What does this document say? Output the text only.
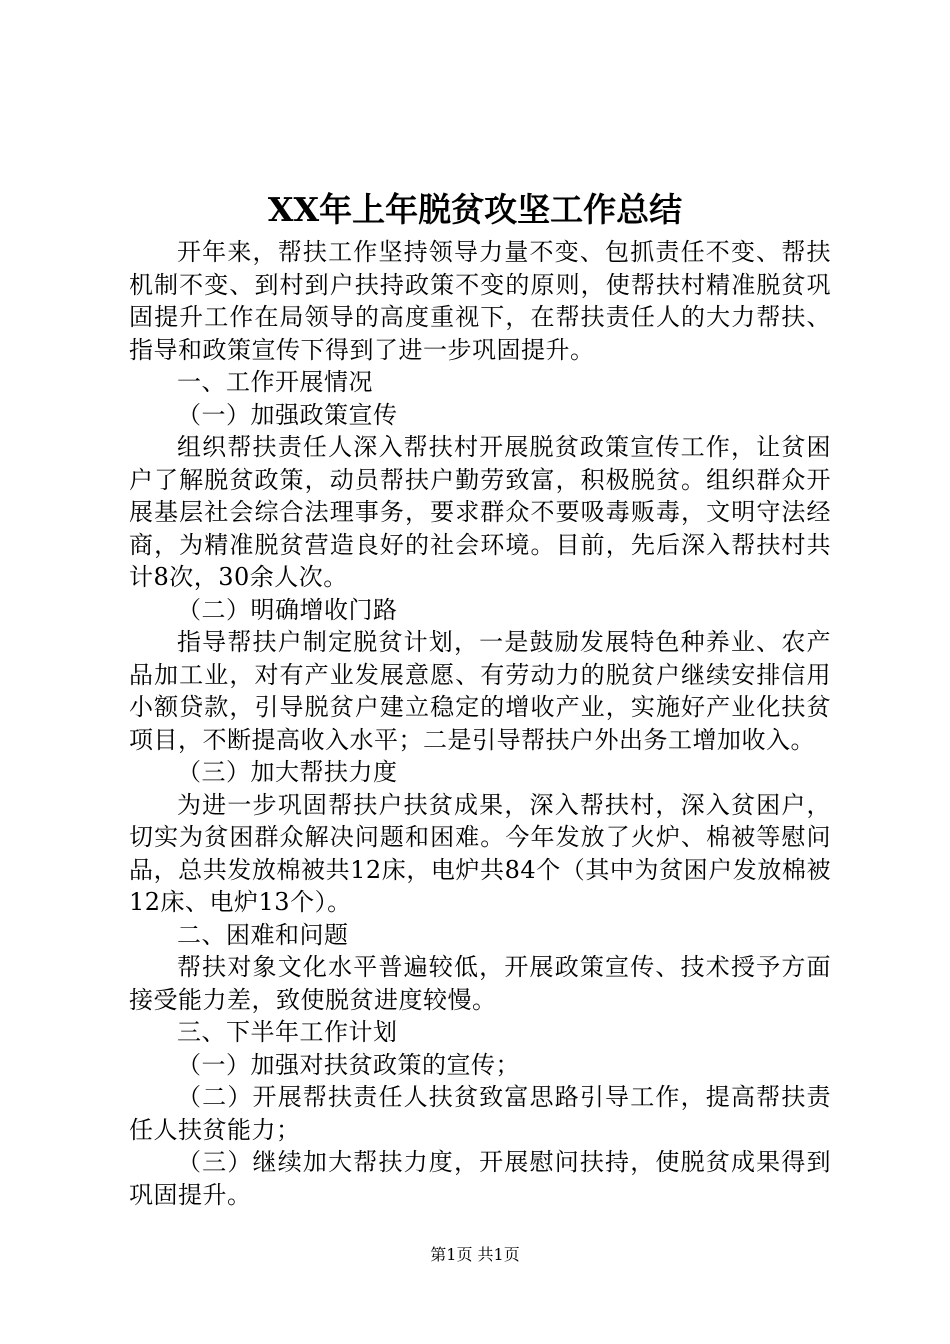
XX年上年脱贫攻坚工作总结

开年来，帮扶工作坚持领导力量不变、包抓责任不变、帮扶机制不变、到村到户扶持政策不变的原则，使帮扶村精准脱贫巩固提升工作在局领导的高度重视下，在帮扶责任人的大力帮扶、指导和政策宣传下得到了进一步巩固提升。

一、工作开展情况

（一）加强政策宣传

组织帮扶责任人深入帮扶村开展脱贫政策宣传工作，让贫困户了解脱贫政策，动员帮扶户勤劳致富，积极脱贫。组织群众开展基层社会综合法理事务，要求群众不要吸毒贩毒，文明守法经商，为精准脱贫营造良好的社会环境。目前，先后深入帮扶村共计8次，30余人次。

（二）明确增收门路

指导帮扶户制定脱贫计划，一是鼓励发展特色种养业、农产品加工业，对有产业发展意愿、有劳动力的脱贫户继续安排信用小额贷款，引导脱贫户建立稳定的增收产业，实施好产业化扶贫项目，不断提高收入水平；二是引导帮扶户外出务工增加收入。

（三）加大帮扶力度

为进一步巩固帮扶户扶贫成果，深入帮扶村，深入贫困户，切实为贫困群众解决问题和困难。今年发放了火炉、棉被等慰问品，总共发放棉被共12床，电炉共84个（其中为贫困户发放棉被12床、电炉13个）。

二、困难和问题

帮扶对象文化水平普遍较低，开展政策宣传、技术授予方面接受能力差，致使脱贫进度较慢。

三、下半年工作计划

（一）加强对扶贫政策的宣传；

（二）开展帮扶责任人扶贫致富思路引导工作，提高帮扶责任人扶贫能力；

（三）继续加大帮扶力度，开展慰问扶持，使脱贫成果得到巩固提升。

第1页 共1页
